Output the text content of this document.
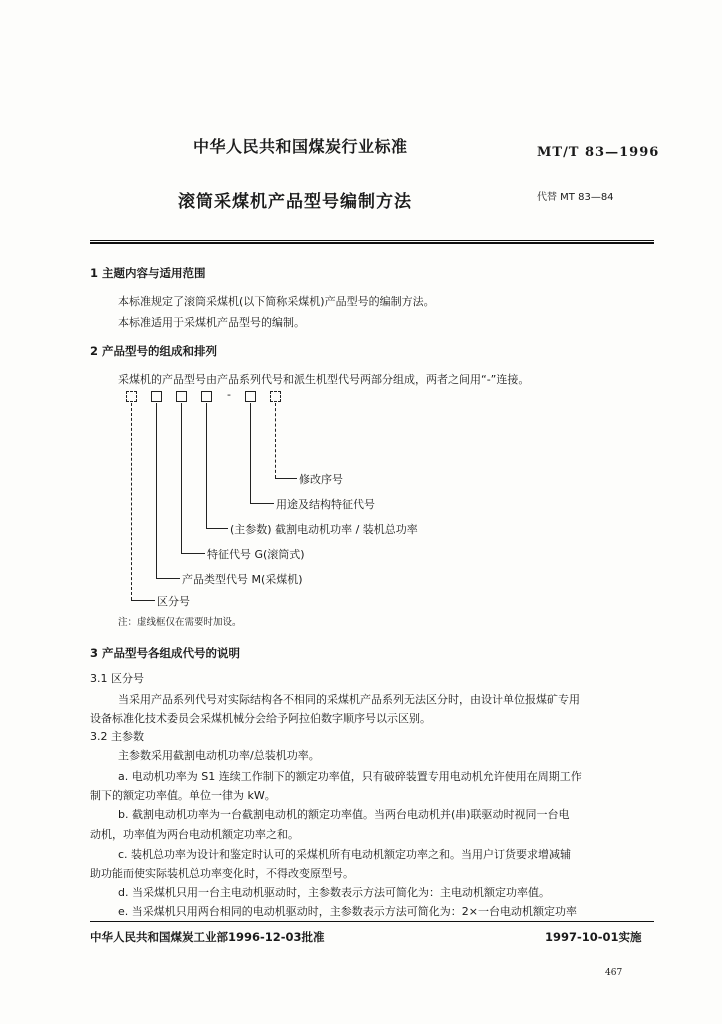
中华人民共和国煤炭行业标准	MT/T 83—1996
滚筒采煤机产品型号编制方法	代替 MT 83—84
1 主题内容与适用范围
本标准规定了滚筒采煤机(以下简称采煤机)产品型号的编制方法。
本标准适用于采煤机产品型号的编制。
2 产品型号的组成和排列
采煤机的产品型号由产品系列代号和派生机型代号两部分组成，两者之间用“-”连接。
-
修改序号
用途及结构特征代号
(主参数) 截割电动机功率 / 装机总功率
特征代号 G(滚筒式)
产品类型代号 M(采煤机)
区分号
注：虚线框仅在需要时加设。
3 产品型号各组成代号的说明
3.1 区分号
当采用产品系列代号对实际结构各不相同的采煤机产品系列无法区分时，由设计单位报煤矿专用
设备标准化技术委员会采煤机械分会给予阿拉伯数字顺序号以示区别。
3.2 主参数
主参数采用截割电动机功率/总装机功率。
a. 电动机功率为 S1 连续工作制下的额定功率值，只有破碎装置专用电动机允许使用在周期工作
制下的额定功率值。单位一律为 kW。
b. 截割电动机功率为一台截割电动机的额定功率值。当两台电动机并(串)联驱动时视同一台电
动机，功率值为两台电动机额定功率之和。
c. 装机总功率为设计和鉴定时认可的采煤机所有电动机额定功率之和。当用户订货要求增减辅
助功能而使实际装机总功率变化时，不得改变原型号。
d. 当采煤机只用一台主电动机驱动时，主参数表示方法可简化为：主电动机额定功率值。
e. 当采煤机只用两台相同的电动机驱动时，主参数表示方法可简化为：2×一台电动机额定功率
中华人民共和国煤炭工业部1996-12-03批准	1997-10-01实施
467
